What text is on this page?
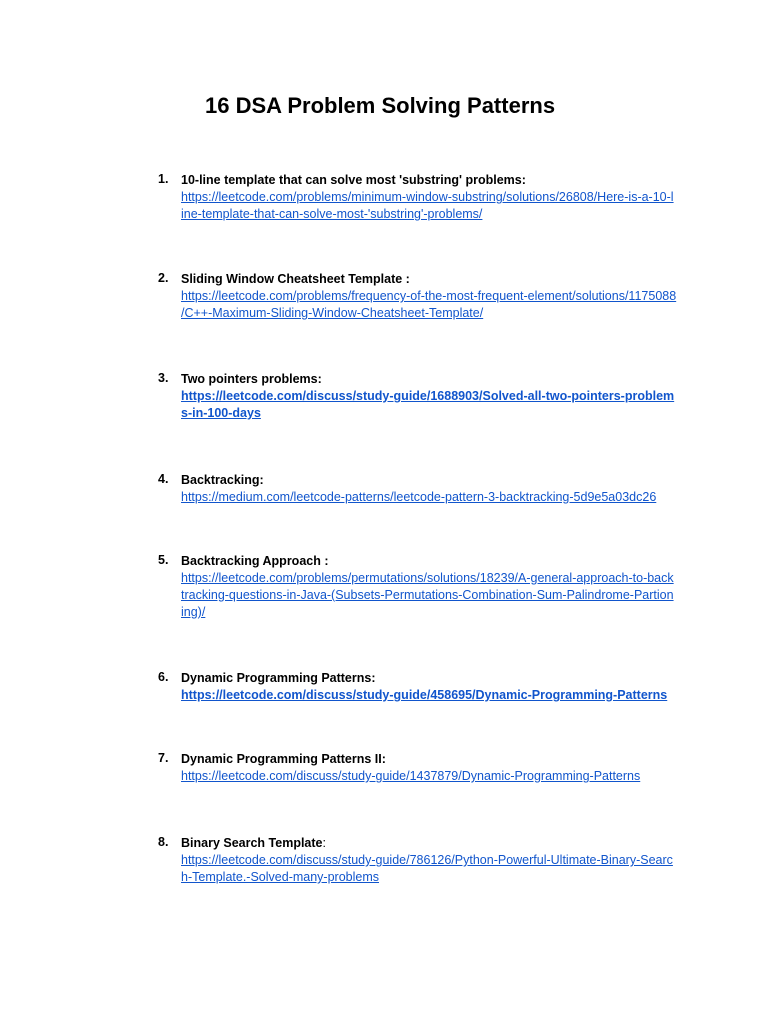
16 DSA Problem Solving Patterns
1. 10-line template that can solve most 'substring' problems:
https://leetcode.com/problems/minimum-window-substring/solutions/26808/Here-is-a-10-l
ine-template-that-can-solve-most-'substring'-problems/
2. Sliding Window Cheatsheet Template :
https://leetcode.com/problems/frequency-of-the-most-frequent-element/solutions/1175088
/C++-Maximum-Sliding-Window-Cheatsheet-Template/
3. Two pointers problems:
https://leetcode.com/discuss/study-guide/1688903/Solved-all-two-pointers-problem
s-in-100-days
4. Backtracking:
https://medium.com/leetcode-patterns/leetcode-pattern-3-backtracking-5d9e5a03dc26
5. Backtracking Approach :
https://leetcode.com/problems/permutations/solutions/18239/A-general-approach-to-back
tracking-questions-in-Java-(Subsets-Permutations-Combination-Sum-Palindrome-Partion
ing)/
6. Dynamic Programming Patterns:
https://leetcode.com/discuss/study-guide/458695/Dynamic-Programming-Patterns
7. Dynamic Programming Patterns II:
https://leetcode.com/discuss/study-guide/1437879/Dynamic-Programming-Patterns
8. Binary Search Template:
https://leetcode.com/discuss/study-guide/786126/Python-Powerful-Ultimate-Binary-Searc
h-Template.-Solved-many-problems
